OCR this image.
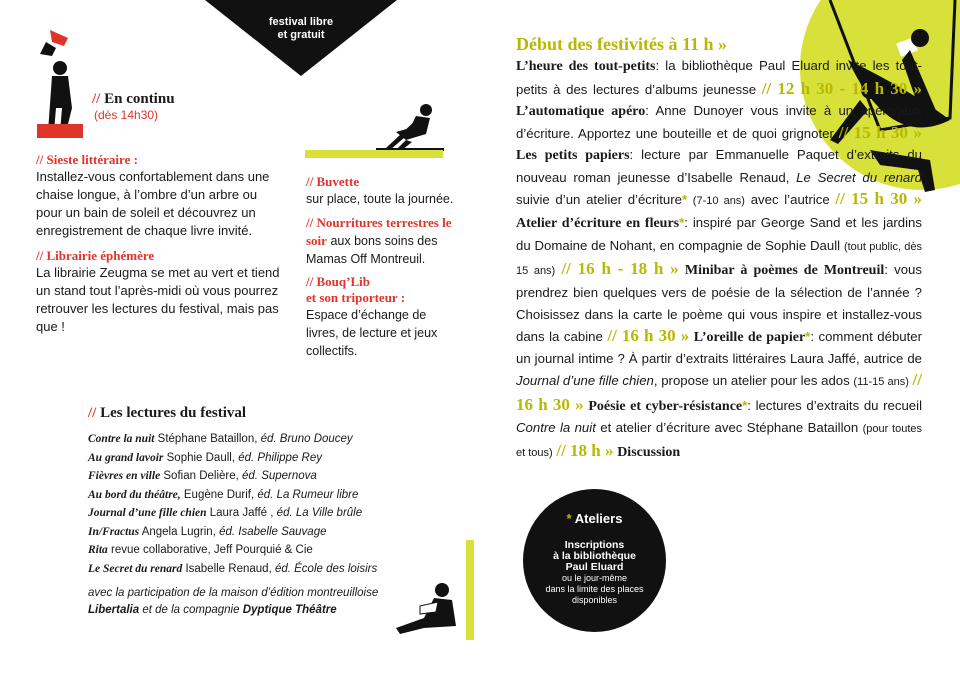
festival libre
et gratuit
// En continu
(dès 14h30)
// Sieste littéraire :

Installez-vous confortablement dans une chaise longue, à l’ombre d’un arbre ou pour un bain de soleil et découvrez un enregistrement de chaque livre invité.

// Librairie éphémère

La librairie Zeugma se met au vert et tiend un stand tout l’après-midi où vous pourrez retrouver les lectures du festival, mais pas que !

// Buvette
sur place, toute la journée.
// Nourritures terrestres le soir aux bons soins des Mamas Off Montreuil.
// Bouq’Lib
et son triporteur :
Espace d’échange de livres, de lecture et jeux collectifs.
// Les lectures du festival
Contre la nuit Stéphane Bataillon, éd. Bruno Doucey
Au grand lavoir Sophie Daull, éd. Philippe Rey
Fièvres en ville Sofian Delière, éd. Supernova
Au bord du théâtre, Eugène Durif, éd. La Rumeur libre
Journal d’une fille chien Laura Jaffé , éd. La Ville brûle
In/Fractus Angela Lugrin, éd. Isabelle Sauvage
Rita revue collaborative, Jeff Pourquié & Cie
Le Secret du renard Isabelle Renaud, éd. École des loisirs
avec la participation de la maison d’édition montreuilloise
Libertalia et de la compagnie Dyptique Théâtre
Début des festivités à 11 h »
L’heure des tout-petits: la bibliothèque Paul Eluard invite les tout-petits à des lectures d’albums jeunesse // 12 h 30 - 14 h 30 » L’automatique apéro: Anne Dunoyer vous invite à un apéro/jeux d’écriture. Apportez une bouteille et de quoi grignoter // 15 h 30 » Les petits papiers: lecture par Emmanuelle Paquet d’extraits du nouveau roman jeunesse d’Isabelle Renaud, Le Secret du renard suivie d’un atelier d’écriture* (7-10 ans) avec l’autrice // 15 h 30 » Atelier d’écriture en fleurs*: inspiré par George Sand et les jardins du Domaine de Nohant, en compagnie de Sophie Daull (tout public, dès 15 ans) // 16 h - 18 h » Minibar à poèmes de Montreuil: vous prendrez bien quelques vers de poésie de la sélection de l’année ? Choisissez dans la carte le poème qui vous inspire et installez-vous dans la cabine // 16 h 30 » L’oreille de papier*: comment débuter un journal intime ? À partir d’extraits littéraires Laura Jaffé, autrice de Journal d’une fille chien, propose un atelier pour les ados (11-15 ans) // 16 h 30 » Poésie et cyber-résistance*: lectures d’extraits du recueil Contre la nuit et atelier d’écriture avec Stéphane Bataillon (pour toutes et tous) // 18 h » Discussion
* Ateliers
Inscriptions
à la bibliothèque
Paul Eluard
ou le jour-même
dans la limite des places
disponibles
